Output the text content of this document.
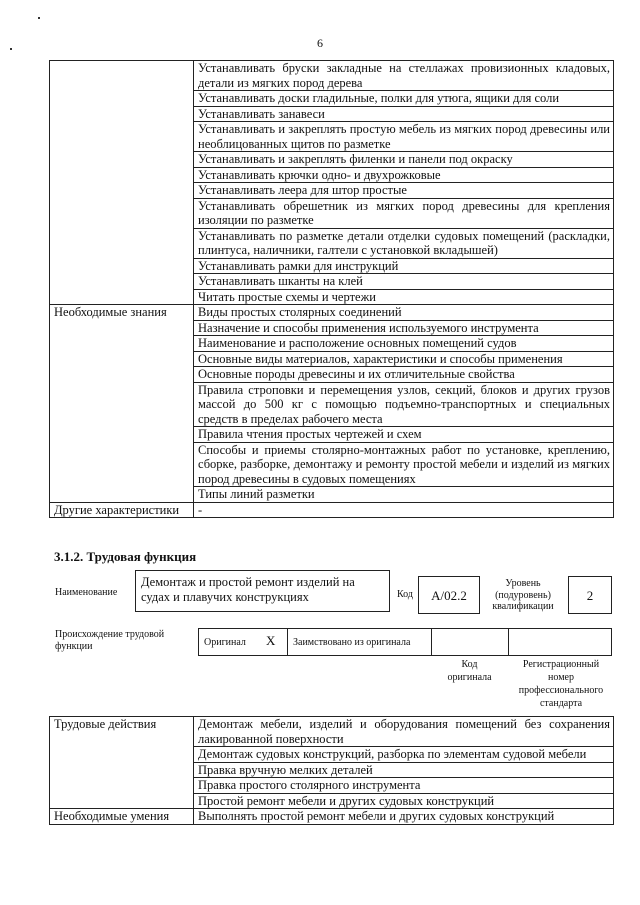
6
	Устанавливать бруски закладные на стеллажах провизионных кладовых, детали из мягких пород дерева
	Устанавливать доски гладильные, полки для утюга, ящики для соли
	Устанавливать занавеси
	Устанавливать и закреплять простую мебель из мягких пород древесины или необлицованных щитов по разметке
	Устанавливать и закреплять филенки и панели под окраску
	Устанавливать крючки одно- и двухрожковые
	Устанавливать леера для штор простые
	Устанавливать обрешетник из мягких пород древесины для крепления изоляции по разметке
	Устанавливать по разметке детали отделки судовых помещений (раскладки, плинтуса, наличники, галтели с установкой вкладышей)
	Устанавливать рамки для инструкций
	Устанавливать шканты на клей
	Читать простые схемы и чертежи
Необходимые знания	Виды простых столярных соединений
	Назначение и способы применения используемого инструмента
	Наименование и расположение основных помещений судов
	Основные виды материалов, характеристики и способы применения
	Основные породы древесины и их отличительные свойства
	Правила строповки и перемещения узлов, секций, блоков и других грузов массой до 500 кг с помощью подъемно-транспортных и специальных средств в пределах рабочего места
	Правила чтения простых чертежей и схем
	Способы и приемы столярно-монтажных работ по установке, креплению, сборке, разборке, демонтажу и ремонту простой мебели и изделий из мягких пород древесины в судовых помещениях
	Типы линий разметки
Другие характеристики	-
3.1.2. Трудовая функция
Наименование
Демонтаж и простой ремонт изделий на судах и плавучих конструкциях	Код	А/02.2
Уровень (подуровень) квалификации
2
Происхождение трудовой функции	Оригинал X Заимствовано из оригинала
Код оригинала
Регистрационный номер профессионального стандарта
Трудовые действия	Демонтаж мебели, изделий и оборудования помещений без сохранения лакированной поверхности
	Демонтаж судовых конструкций, разборка по элементам судовой мебели
	Правка вручную мелких деталей
	Правка простого столярного инструмента
	Простой ремонт мебели и других судовых конструкций
Необходимые умения	Выполнять простой ремонт мебели и других судовых конструкций
